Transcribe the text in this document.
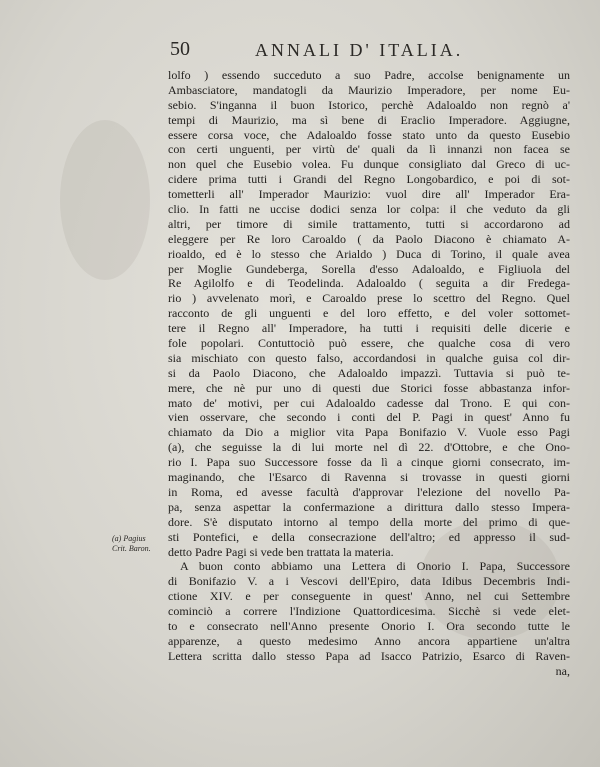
50	ANNALI D' ITALIA.
(a) Pagius
Crit. Baron.
lolfo ) essendo succeduto a suo Padre, accolse benignamente un
Ambasciatore, mandatogli da Maurizio Imperadore, per nome Eu-
sebio. S'inganna il buon Istorico, perchè Adaloaldo non regnò a'
tempi di Maurizio, ma sì bene di Eraclio Imperadore. Aggiugne,
essere corsa voce, che Adaloaldo fosse stato unto da questo Eusebio
con certi unguenti, per virtù de' quali da lì innanzi non facea se
non quel che Eusebio volea. Fu dunque consigliato dal Greco di uc-
cidere prima tutti i Grandi del Regno Longobardico, e poi di sot-
tometterli all' Imperador Maurizio: vuol dire all' Imperador Era-
clio. In fatti ne uccise dodici senza lor colpa: il che veduto da gli
altri, per timore di simile trattamento, tutti si accordarono ad
eleggere per Re loro Caroaldo ( da Paolo Diacono è chiamato A-
rioaldo, ed è lo stesso che Arialdo ) Duca di Torino, il quale avea
per Moglie Gundeberga, Sorella d'esso Adaloaldo, e Figliuola del
Re Agilolfo e di Teodelinda. Adaloaldo ( seguita a dir Fredega-
rio ) avvelenato morì, e Caroaldo prese lo scettro del Regno. Quel
racconto de gli unguenti e del loro effetto, e del voler sottomet-
tere il Regno all' Imperadore, ha tutti i requisiti delle dicerie e
fole popolari. Contuttociò può essere, che qualche cosa di vero
sia mischiato con questo falso, accordandosi in qualche guisa col dir-
si da Paolo Diacono, che Adaloaldo impazzì. Tuttavia si può te-
mere, che nè pur uno di questi due Storici fosse abbastanza infor-
mato de' motivi, per cui Adaloaldo cadesse dal Trono. E qui con-
vien osservare, che secondo i conti del P. Pagi in quest' Anno fu
chiamato da Dio a miglior vita Papa Bonifazio V. Vuole esso Pagi
(a), che seguisse la di lui morte nel dì 22. d'Ottobre, e che Ono-
rio I. Papa suo Successore fosse da lì a cinque giorni consecrato, im-
maginando, che l'Esarco di Ravenna si trovasse in questi giorni
in Roma, ed avesse facultà d'approvar l'elezione del novello Pa-
pa, senza aspettar la confermazione a dirittura dallo stesso Impera-
dore. S'è disputato intorno al tempo della morte del primo di que-
sti Pontefici, e della consecrazione dell'altro; ed appresso il sud-
detto Padre Pagi si vede ben trattata la materia.
A buon conto abbiamo una Lettera di Onorio I. Papa, Successore
di Bonifazio V. a i Vescovi dell'Epiro, data Idibus Decembris Indi-
ctione XIV. e per conseguente in quest' Anno, nel cui Settembre
cominciò a correre l'Indizione Quattordicesima. Sicchè si vede elet-
to e consecrato nell'Anno presente Onorio I. Ora secondo tutte le
apparenze, a questo medesimo Anno ancora appartiene un'altra
Lettera scritta dallo stesso Papa ad Isacco Patrizio, Esarco di Raven-
na,
